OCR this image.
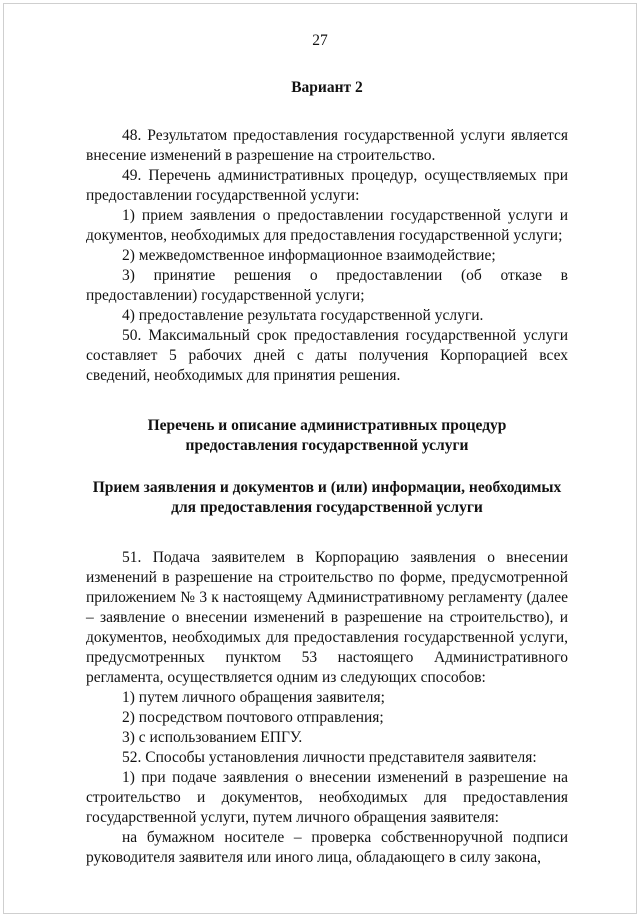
27
Вариант 2

48. Результатом предоставления государственной услуги является внесение изменений в разрешение на строительство.

49. Перечень административных процедур, осуществляемых при предоставлении государственной услуги:

1) прием заявления о предоставлении государственной услуги и документов, необходимых для предоставления государственной услуги;

2) межведомственное информационное взаимодействие;

3) принятие решения о предоставлении (об отказе в предоставлении) государственной услуги;

4) предоставление результата государственной услуги.

50. Максимальный срок предоставления государственной услуги составляет 5 рабочих дней с даты получения Корпорацией всех сведений, необходимых для принятия решения.

Перечень и описание административных процедур
предоставления государственной услуги
Прием заявления и документов и (или) информации, необходимых
для предоставления государственной услуги

51. Подача заявителем в Корпорацию заявления о внесении изменений в разрешение на строительство по форме, предусмотренной приложением № 3 к настоящему Административному регламенту (далее – заявление о внесении изменений в разрешение на строительство), и документов, необходимых для предоставления государственной услуги, предусмотренных пунктом 53 настоящего Административного регламента, осуществляется одним из следующих способов:

1) путем личного обращения заявителя;

2) посредством почтового отправления;

3) с использованием ЕПГУ.

52. Способы установления личности представителя заявителя:

1) при подаче заявления о внесении изменений в разрешение на строительство и документов, необходимых для предоставления государственной услуги, путем личного обращения заявителя:

на бумажном носителе – проверка собственноручной подписи руководителя заявителя или иного лица, обладающего в силу закона,
